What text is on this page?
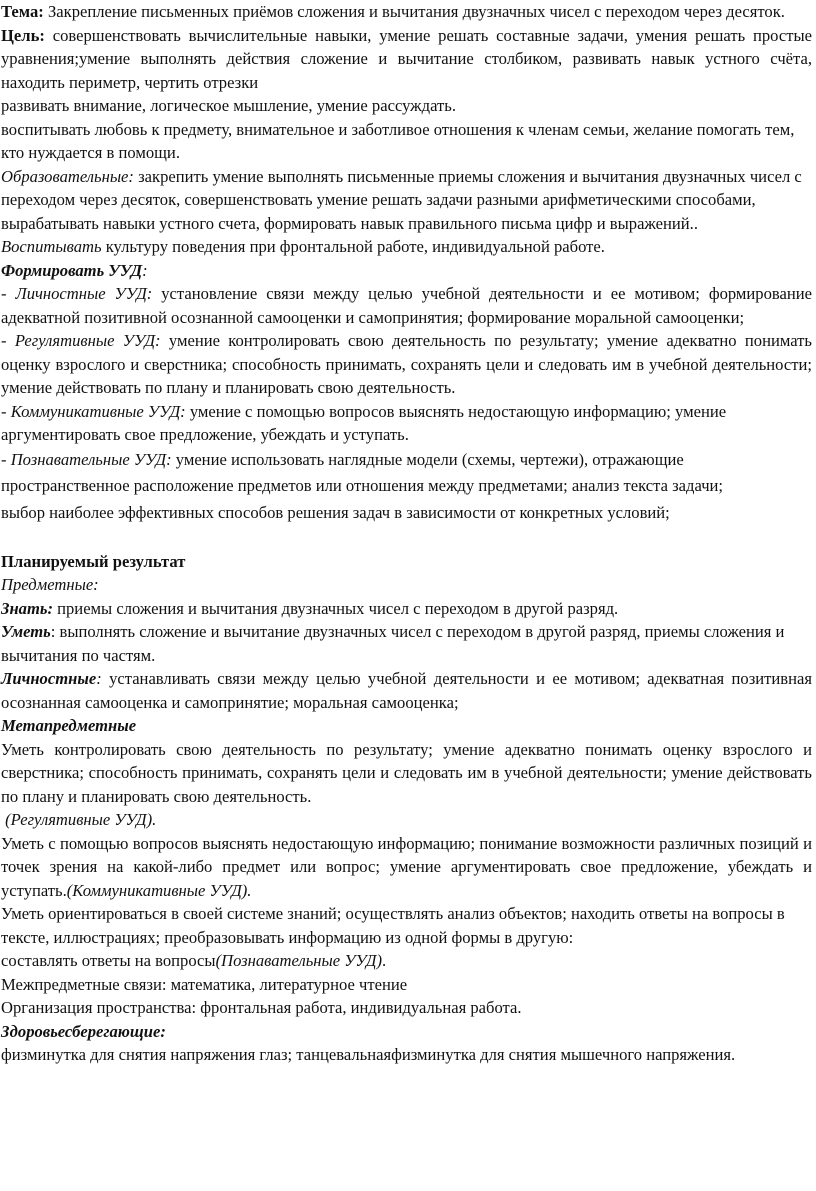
Тема: Закрепление письменных приёмов сложения и вычитания двузначных чисел с переходом через десяток.

Цель: совершенствовать вычислительные навыки, умение решать составные задачи, умения решать простые уравнения;умение выполнять действия сложение и вычитание столбиком, развивать навык устного счёта, находить периметр, чертить отрезки

развивать внимание, логическое мышление, умение рассуждать.

воспитывать любовь к предмету, внимательное и заботливое отношения к членам семьи, желание помогать тем, кто нуждается в помощи.

Образовательные: закрепить умение выполнять письменные приемы сложения и вычитания двузначных чисел с переходом через десяток, совершенствовать умение решать задачи разными арифметическими способами, вырабатывать навыки устного счета, формировать навык правильного письма цифр и выражений..

Воспитывать культуру поведения при фронтальной работе, индивидуальной работе.

Формировать УУД:

- Личностные УУД: установление связи между целью учебной деятельности и ее мотивом; формирование адекватной позитивной осознанной самооценки и самопринятия; формирование моральной самооценки;

- Регулятивные УУД: умение контролировать свою деятельность по результату; умение адекватно понимать оценку взрослого и сверстника; способность принимать, сохранять цели и следовать им в учебной деятельности; умение действовать по плану и планировать свою деятельность.

- Коммуникативные УУД: умение с помощью вопросов выяснять недостающую информацию; умение аргументировать свое предложение, убеждать и уступать.

- Познавательные УУД: умение использовать наглядные модели (схемы, чертежи), отражающие

пространственное расположение предметов или отношения между предметами; анализ текста задачи;

выбор наиболее эффективных способов решения задач в зависимости от конкретных условий;

Планируемый результат

Предметные:

Знать: приемы сложения и вычитания двузначных чисел с переходом в другой разряд.

Уметь: выполнять сложение и вычитание двузначных чисел с переходом в другой разряд, приемы сложения и вычитания по частям.

Личностные: устанавливать связи между целью учебной деятельности и ее мотивом; адекватная позитивная осознанная самооценка и самопринятие; моральная самооценка;

Метапредметные

Уметь контролировать свою деятельность по результату; умение адекватно понимать оценку взрослого и сверстника; способность принимать, сохранять цели и следовать им в учебной деятельности; умение действовать по плану и планировать свою деятельность.

(Регулятивные УУД).

Уметь с помощью вопросов выяснять недостающую информацию; понимание возможности различных позиций и точек зрения на какой-либо предмет или вопрос; умение аргументировать свое предложение, убеждать и уступать.(Коммуникативные УУД).

Уметь ориентироваться в своей системе знаний; осуществлять анализ объектов; находить ответы на вопросы в тексте, иллюстрациях; преобразовывать информацию из одной формы в другую:

составлять ответы на вопросы(Познавательные УУД).

Межпредметные связи: математика, литературное чтение

Организация пространства: фронтальная работа, индивидуальная работа.

Здоровьесберегающие:

физминутка для снятия напряжения глаз; танцевальнаяфизминутка для снятия мышечного напряжения.
